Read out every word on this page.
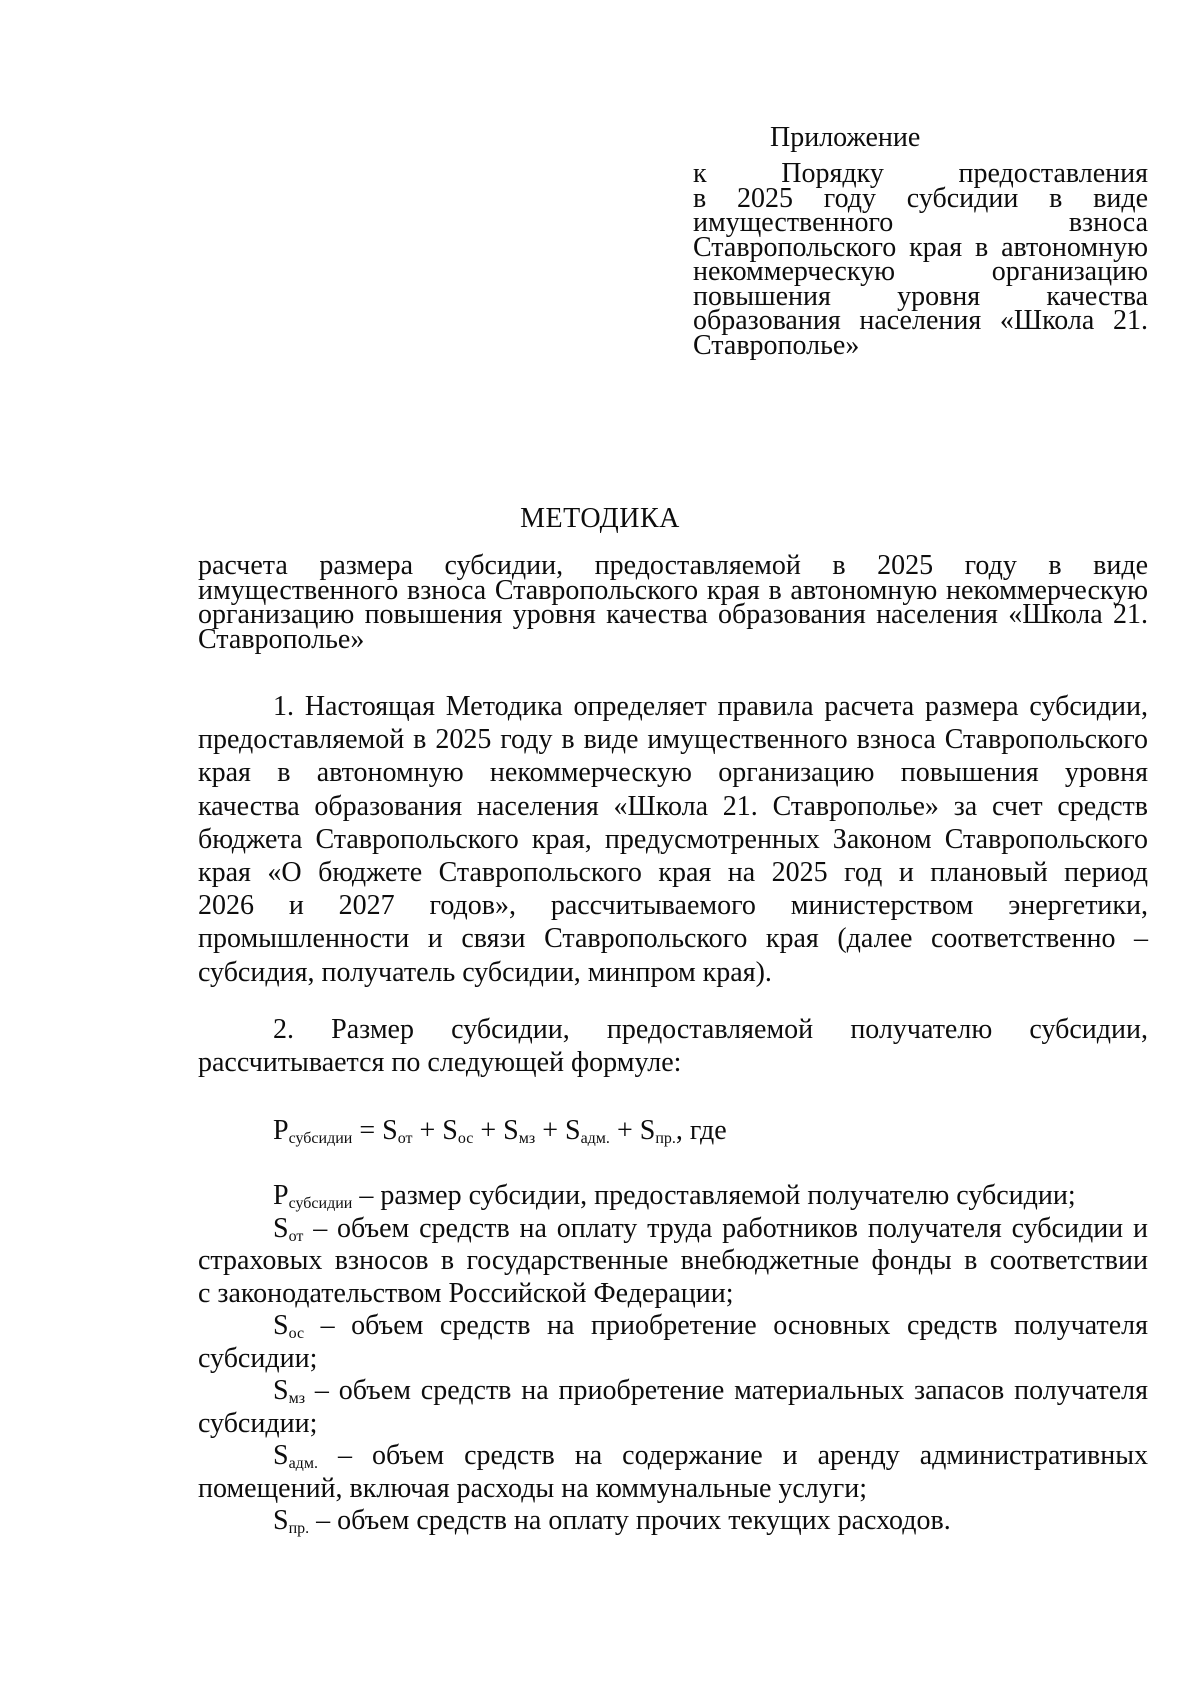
Приложение
к Порядку предоставления
в 2025 году субсидии в виде
имущественного взноса
Ставропольского края в автономную
некоммерческую организацию
повышения уровня качества
образования населения «Школа 21.
Ставрополье»
МЕТОДИКА
расчета размера субсидии, предоставляемой в 2025 году в виде
имущественного взноса Ставропольского края в автономную некоммерческую
организацию повышения уровня качества образования населения «Школа 21.
Ставрополье»
1. Настоящая Методика определяет правила расчета размера субсидии,
предоставляемой в 2025 году в виде имущественного взноса Ставропольского
края в автономную некоммерческую организацию повышения уровня
качества образования населения «Школа 21. Ставрополье» за счет средств
бюджета Ставропольского края, предусмотренных Законом Ставропольского
края «О бюджете Ставропольского края на 2025 год и плановый период
2026 и 2027 годов», рассчитываемого министерством энергетики,
промышленности и связи Ставропольского края (далее соответственно –
субсидия, получатель субсидии, минпром края).
2. Размер субсидии, предоставляемой получателю субсидии,
рассчитывается по следующей формуле:
$P_{субсидии} = S_{от} + S_{ос} + S_{мз} + S_{адм.} + S_{пр.}$, где
$P_{субсидии}$ – размер субсидии, предоставляемой получателю субсидии;
$S_{от}$ – объем средств на оплату труда работников получателя субсидии и
страховых взносов в государственные внебюджетные фонды в соответствии
с законодательством Российской Федерации;
$S_{ос}$ – объем средств на приобретение основных средств получателя
субсидии;
$S_{мз}$ – объем средств на приобретение материальных запасов получателя
субсидии;
$S_{адм.}$ – объем средств на содержание и аренду административных
помещений, включая расходы на коммунальные услуги;
$S_{пр.}$ – объем средств на оплату прочих текущих расходов.
